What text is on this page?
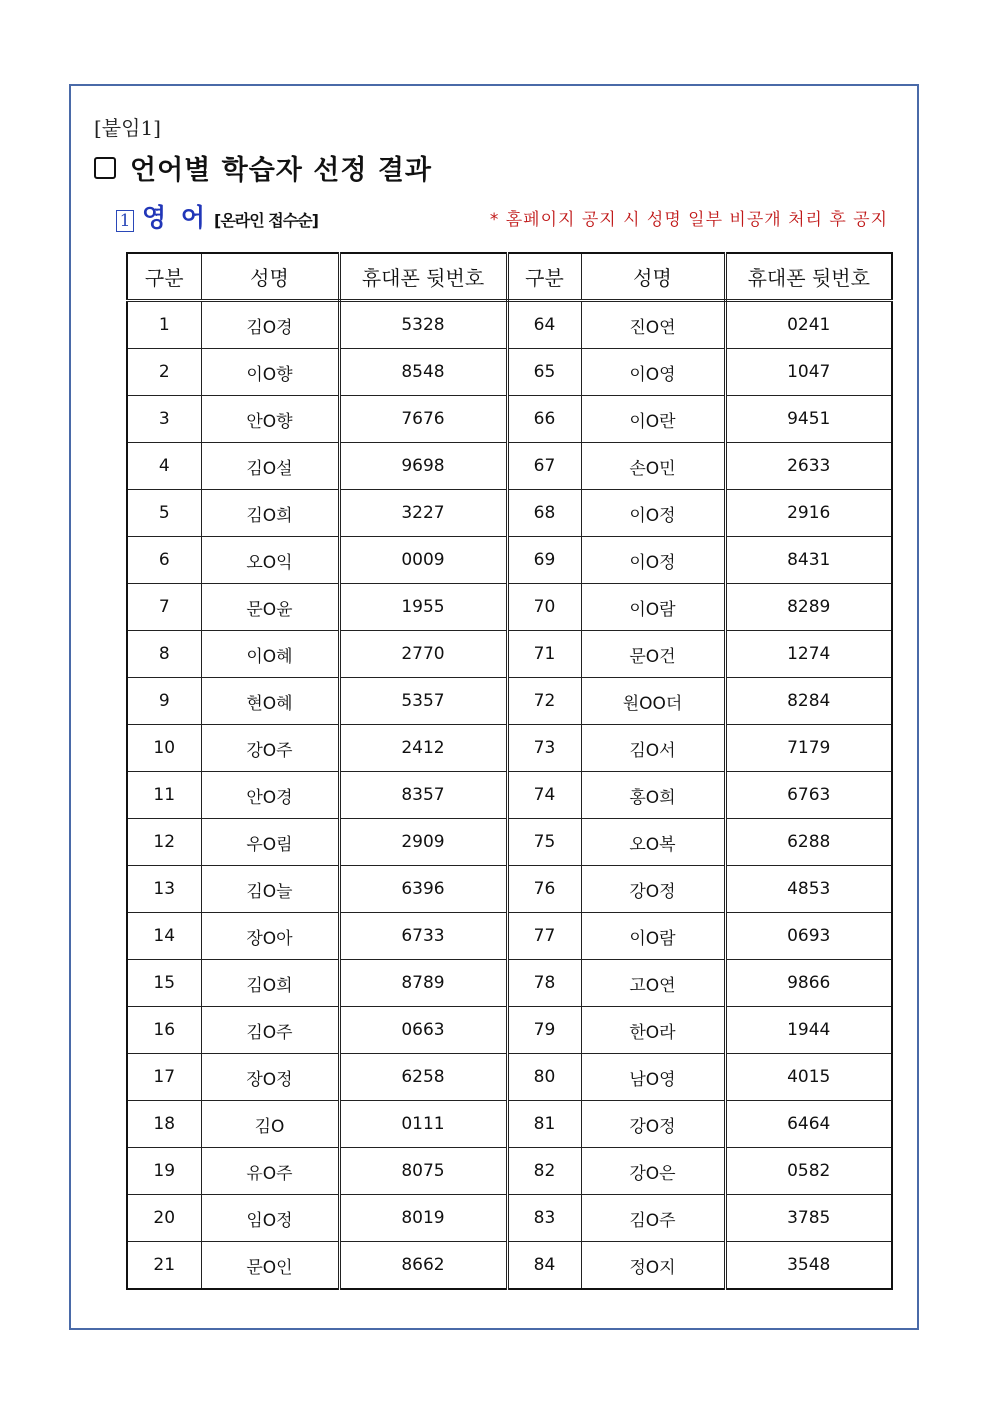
[붙임1]
언어별 학습자 선정 결과
1 영 어 [온라인 접수순]	* 홈페이지 공지 시 성명 일부 비공개 처리 후 공지
구분	성명	휴대폰 뒷번호	구분	성명	휴대폰 뒷번호
1	김O경	5328	64	진O연	0241
2	이O향	8548	65	이O영	1047
3	안O향	7676	66	이O란	9451
4	김O설	9698	67	손O민	2633
5	김O희	3227	68	이O정	2916
6	오O익	0009	69	이O정	8431
7	문O윤	1955	70	이O람	8289
8	이O혜	2770	71	문O건	1274
9	현O혜	5357	72	원OO더	8284
10	강O주	2412	73	김O서	7179
11	안O경	8357	74	홍O희	6763
12	우O림	2909	75	오O복	6288
13	김O늘	6396	76	강O정	4853
14	장O아	6733	77	이O람	0693
15	김O희	8789	78	고O연	9866
16	김O주	0663	79	한O라	1944
17	장O정	6258	80	남O영	4015
18	김O	0111	81	강O정	6464
19	유O주	8075	82	강O은	0582
20	임O정	8019	83	김O주	3785
21	문O인	8662	84	정O지	3548
